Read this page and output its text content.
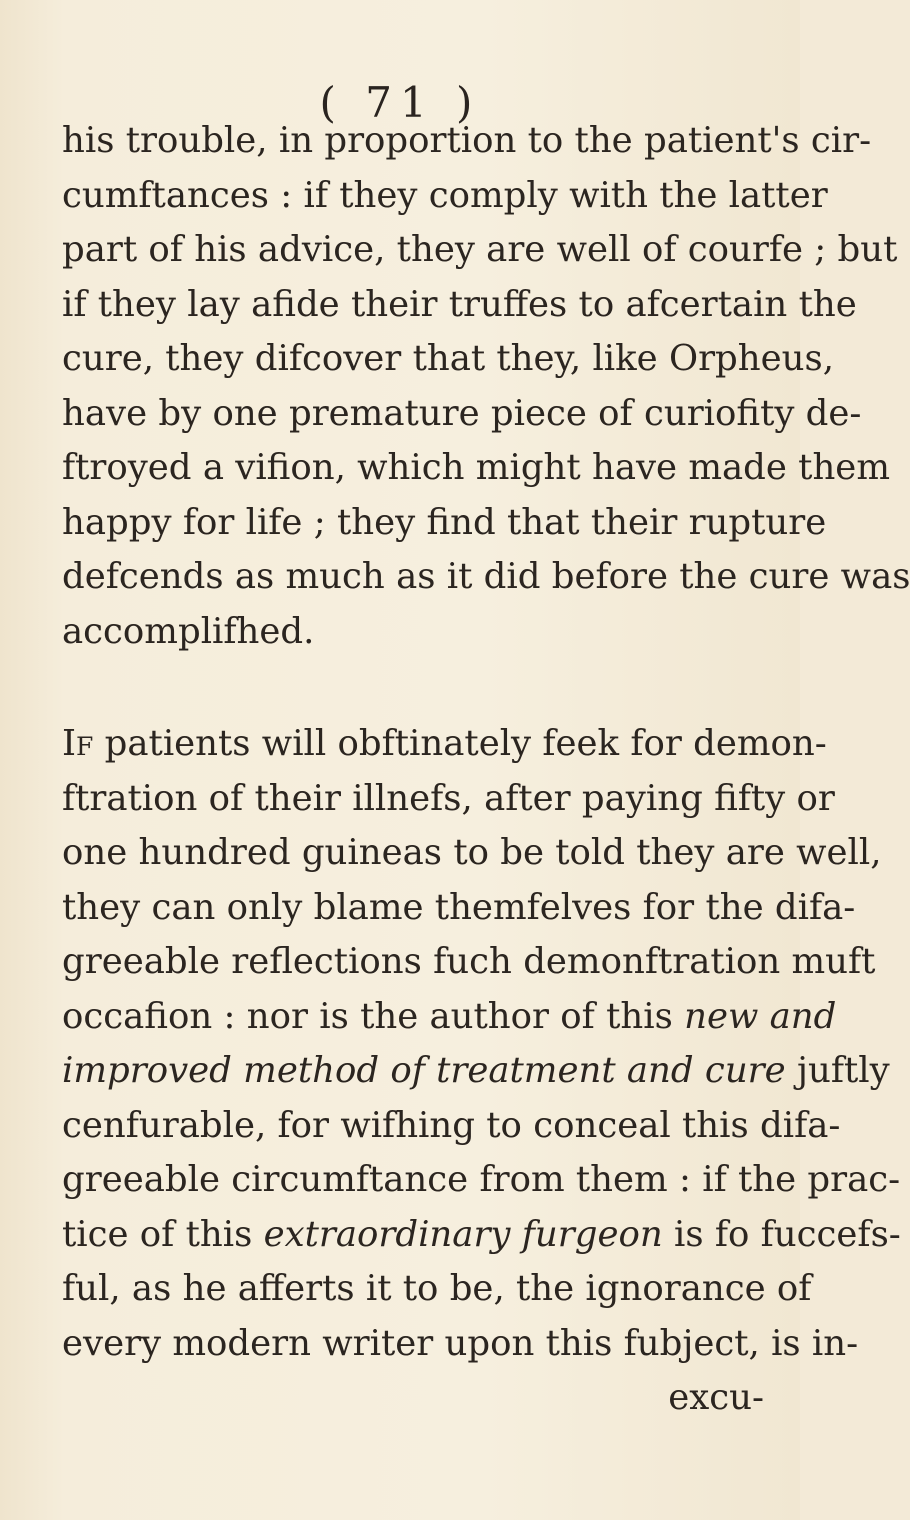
( 71 )
his trouble, in proportion to the patient's cir-
cumftances : if they comply with the latter
part of his advice, they are well of courfe ; but
if they lay afide their truffes to afcertain the
cure, they difcover that they, like Orpheus,
have by one premature piece of curiofity de-
ftroyed a vifion, which might have made them
happy for life ; they find that their rupture
defcends as much as it did before the cure was
accomplifhed.
If patients will obftinately feek for demon-
ftration of their illnefs, after paying fifty or
one hundred guineas to be told they are well,
they can only blame themfelves for the difa-
greeable reflections fuch demonftration muft
occafion : nor is the author of this new and
improved method of treatment and cure juftly
cenfurable, for wifhing to conceal this difa-
greeable circumftance from them : if the prac-
tice of this extraordinary furgeon is fo fuccefs-
ful, as he afferts it to be, the ignorance of
every modern writer upon this fubject, is in-
excu-
